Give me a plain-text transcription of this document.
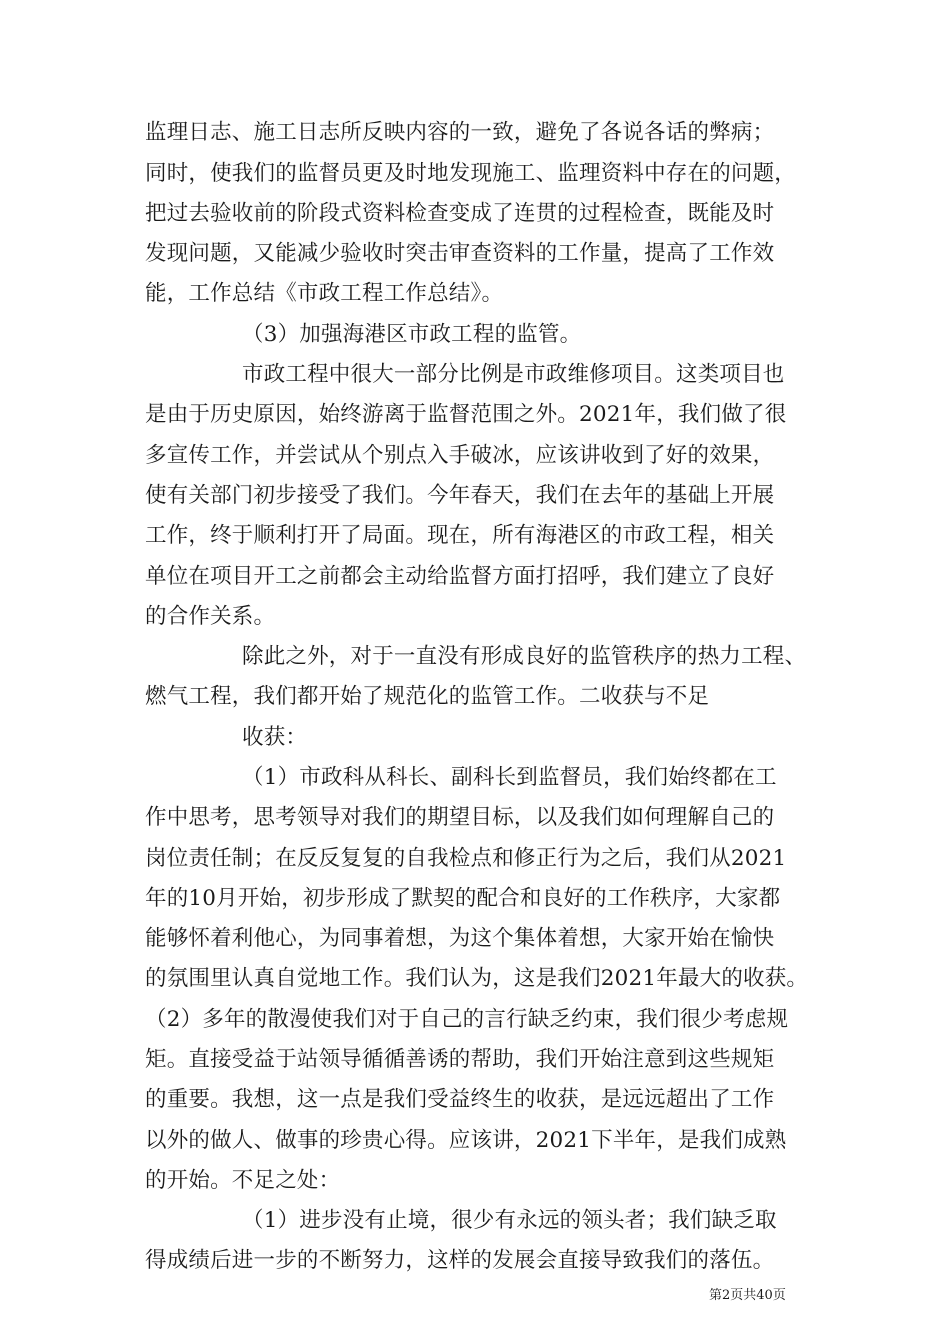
监理日志、施工日志所反映内容的一致，避免了各说各话的弊病；
同时，使我们的监督员更及时地发现施工、监理资料中存在的问题，
把过去验收前的阶段式资料检查变成了连贯的过程检查，既能及时
发现问题，又能减少验收时突击审查资料的工作量，提高了工作效
能，工作总结《市政工程工作总结》。
（3）加强海港区市政工程的监管。
市政工程中很大一部分比例是市政维修项目。这类项目也
是由于历史原因，始终游离于监督范围之外。2021年，我们做了很
多宣传工作，并尝试从个别点入手破冰，应该讲收到了好的效果，
使有关部门初步接受了我们。今年春天，我们在去年的基础上开展
工作，终于顺利打开了局面。现在，所有海港区的市政工程，相关
单位在项目开工之前都会主动给监督方面打招呼，我们建立了良好
的合作关系。
除此之外，对于一直没有形成良好的监管秩序的热力工程、
燃气工程，我们都开始了规范化的监管工作。二收获与不足
收获：
（1）市政科从科长、副科长到监督员，我们始终都在工
作中思考，思考领导对我们的期望目标，以及我们如何理解自己的
岗位责任制；在反反复复的自我检点和修正行为之后，我们从2021
年的10月开始，初步形成了默契的配合和良好的工作秩序，大家都
能够怀着利他心，为同事着想，为这个集体着想，大家开始在愉快
的氛围里认真自觉地工作。我们认为，这是我们2021年最大的收获。
（2）多年的散漫使我们对于自己的言行缺乏约束，我们很少考虑规
矩。直接受益于站领导循循善诱的帮助，我们开始注意到这些规矩
的重要。我想，这一点是我们受益终生的收获，是远远超出了工作
以外的做人、做事的珍贵心得。应该讲，2021下半年，是我们成熟
的开始。不足之处：
（1）进步没有止境，很少有永远的领头者；我们缺乏取
得成绩后进一步的不断努力，这样的发展会直接导致我们的落伍。
第2页共40页
